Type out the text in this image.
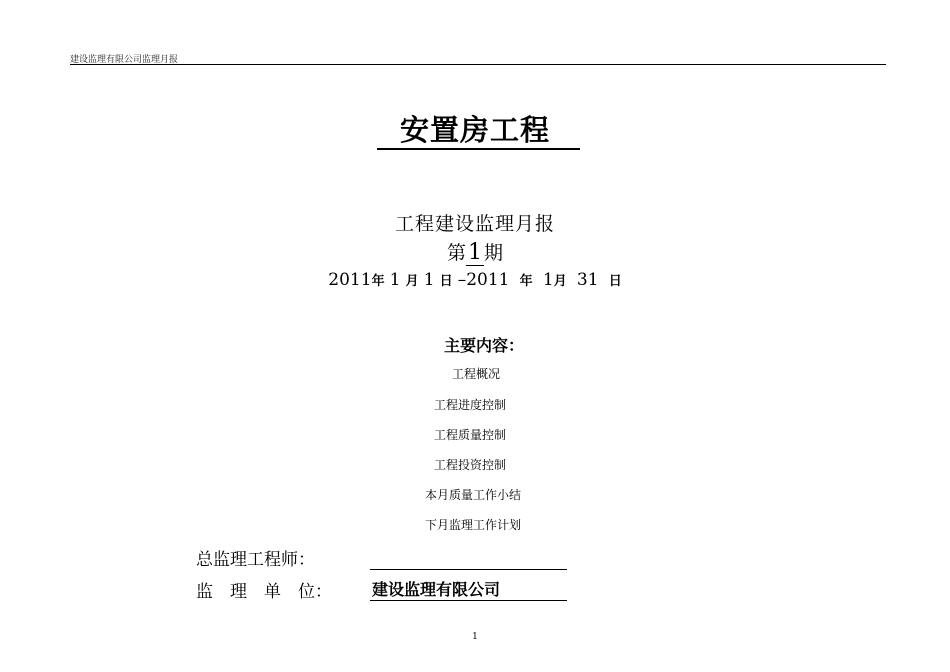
建设监理有限公司监理月报
安置房工程
工程建设监理月报
第1 期
2011年 1 月 1 日 –2011 年 1月 31 日
主要内容：
工程概况
工程进度控制
工程质量控制
工程投资控制
本月质量工作小结
下月监理工作计划
总监理工程师：
监　理　单　位：	建设监理有限公司
1
